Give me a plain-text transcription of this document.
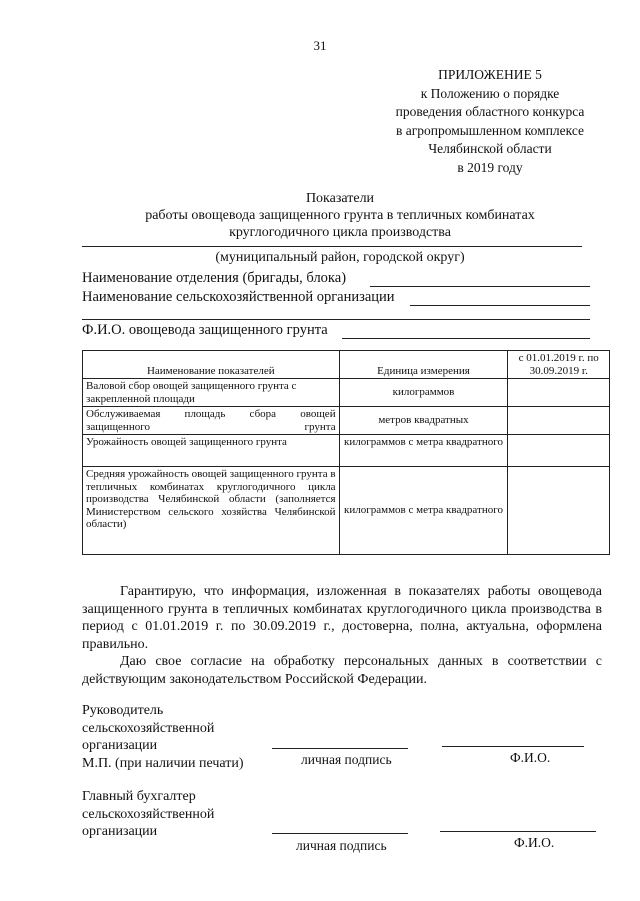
31
ПРИЛОЖЕНИЕ 5
к Положению о порядке
проведения областного конкурса
в агропромышленном комплексе
Челябинской области
в 2019 году
Показатели
работы овощевода защищенного грунта в тепличных комбинатах
круглогодичного цикла производства
(муниципальный район, городской округ)
Наименование отделения (бригады, блока)
Наименование сельскохозяйственной организации
Ф.И.О. овощевода защищенного грунта
Наименование показателей	Единица измерения	с 01.01.2019 г. по 30.09.2019 г.
Валовой сбор овощей защищенного грунта с закрепленной площади	килограммов	
Обслуживаемая площадь сбора овощей защищенного грунта	метров квадратных	
Урожайность овощей защищенного грунта	килограммов с метра квадратного	
Средняя урожайность овощей защищенного грунта в тепличных комбинатах круглогодичного цикла производства Челябинской области (заполняется Министерством сельского хозяйства Челябинской области)	килограммов с метра квадратного	
Гарантирую, что информация, изложенная в показателях работы овощевода защищенного грунта в тепличных комбинатах круглогодичного цикла производства в период с 01.01.2019 г. по 30.09.2019 г., достоверна, полна, актуальна, оформлена правильно.
Даю свое согласие на обработку персональных данных в соответствии с действующим законодательством Российской Федерации.
Руководитель
сельскохозяйственной
организации
М.П. (при наличии печати)	личная подпись	Ф.И.О.
Главный бухгалтер
сельскохозяйственной
организации
личная подпись	Ф.И.О.
